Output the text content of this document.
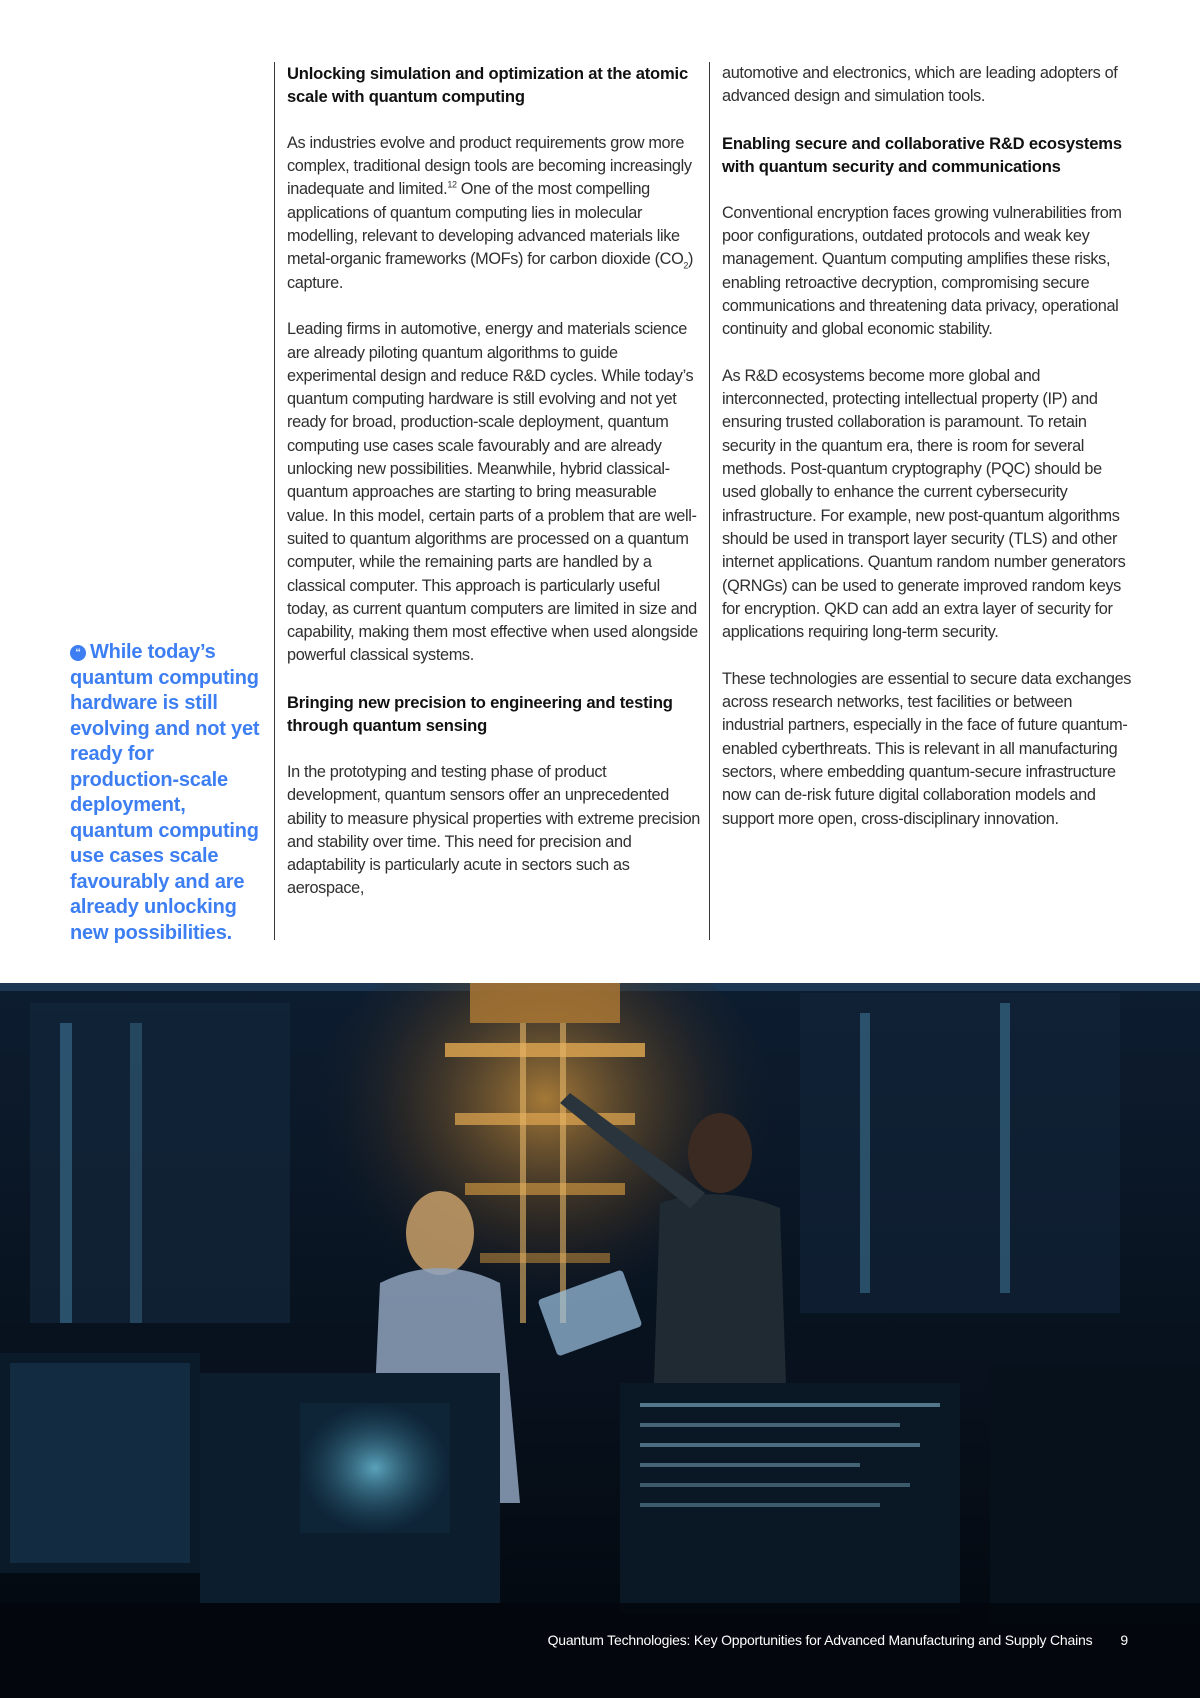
“ While today’s quantum computing hardware is still evolving and not yet ready for production-scale deployment, quantum computing use cases scale favourably and are already unlocking new possibilities.
Unlocking simulation and optimization at the atomic scale with quantum computing

As industries evolve and product requirements grow more complex, traditional design tools are becoming increasingly inadequate and limited.$^{12}$ One of the most compelling applications of quantum computing lies in molecular modelling, relevant to developing advanced materials like metal-organic frameworks (MOFs) for carbon dioxide $(CO_2)$ capture.

Leading firms in automotive, energy and materials science are already piloting quantum algorithms to guide experimental design and reduce R&D cycles. While today’s quantum computing hardware is still evolving and not yet ready for broad, production-scale deployment, quantum computing use cases scale favourably and are already unlocking new possibilities. Meanwhile, hybrid classical-quantum approaches are starting to bring measurable value. In this model, certain parts of a problem that are well-suited to quantum algorithms are processed on a quantum computer, while the remaining parts are handled by a classical computer. This approach is particularly useful today, as current quantum computers are limited in size and capability, making them most effective when used alongside powerful classical systems.

Bringing new precision to engineering and testing through quantum sensing

In the prototyping and testing phase of product development, quantum sensors offer an unprecedented ability to measure physical properties with extreme precision and stability over time. This need for precision and adaptability is particularly acute in sectors such as aerospace,

automotive and electronics, which are leading adopters of advanced design and simulation tools.

Enabling secure and collaborative R&D ecosystems with quantum security and communications

Conventional encryption faces growing vulnerabilities from poor configurations, outdated protocols and weak key management. Quantum computing amplifies these risks, enabling retroactive decryption, compromising secure communications and threatening data privacy, operational continuity and global economic stability.

As R&D ecosystems become more global and interconnected, protecting intellectual property (IP) and ensuring trusted collaboration is paramount. To retain security in the quantum era, there is room for several methods. Post-quantum cryptography (PQC) should be used globally to enhance the current cybersecurity infrastructure. For example, new post-quantum algorithms should be used in transport layer security (TLS) and other internet applications. Quantum random number generators (QRNGs) can be used to generate improved random keys for encryption. QKD can add an extra layer of security for applications requiring long-term security.

These technologies are essential to secure data exchanges across research networks, test facilities or between industrial partners, especially in the face of future quantum-enabled cyberthreats. This is relevant in all manufacturing sectors, where embedding quantum-secure infrastructure now can de-risk future digital collaboration models and support more open, cross-disciplinary innovation.

Quantum Technologies: Key Opportunities for Advanced Manufacturing and Supply Chains 9
